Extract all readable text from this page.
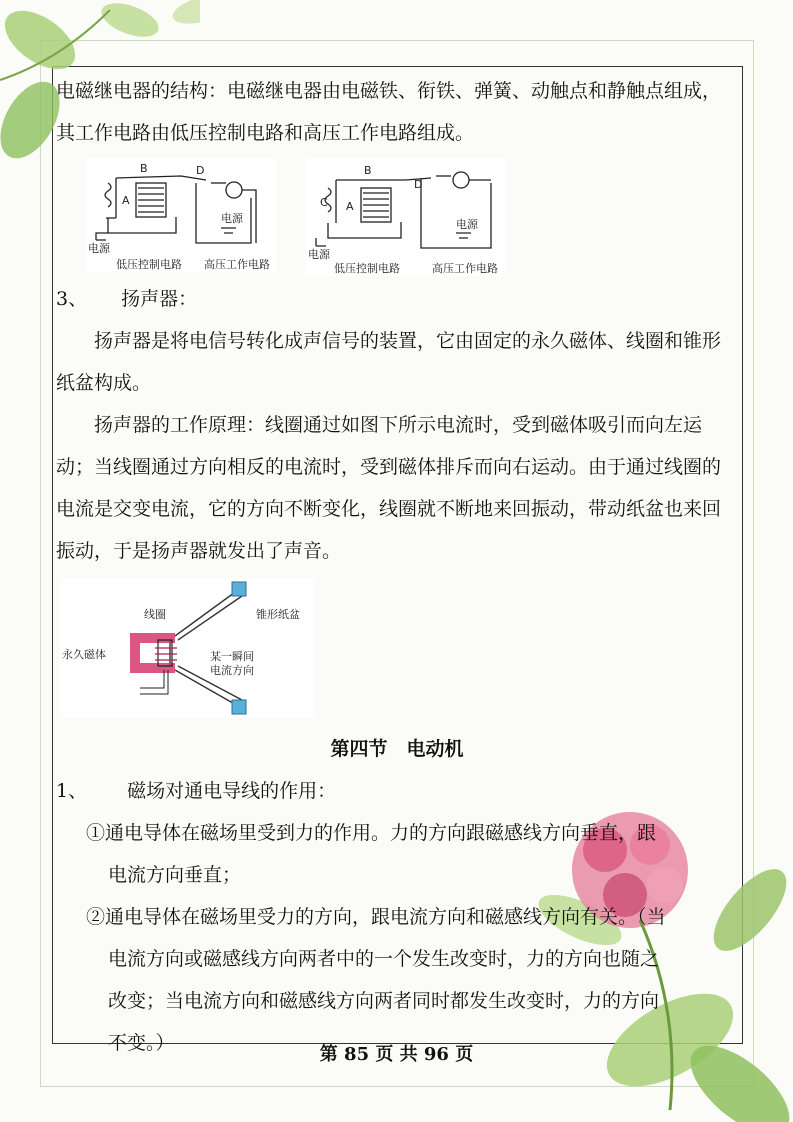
电磁继电器的结构：电磁继电器由电磁铁、衔铁、弹簧、动触点和静触点组成，其工作电路由低压控制电路和高压工作电路组成。

B	D
A
电源
电源
低压控制电路 高压工作电路
B
D
A
C
电源
电源
低压控制电路	高压工作电路
3、 扬声器：

扬声器是将电信号转化成声信号的装置，它由固定的永久磁体、线圈和锥形纸盆构成。

扬声器的工作原理：线圈通过如图下所示电流时，受到磁体吸引而向左运动；当线圈通过方向相反的电流时，受到磁体排斥而向右运动。由于通过线圈的电流是交变电流，它的方向不断变化，线圈就不断地来回振动，带动纸盆也来回振动，于是扬声器就发出了声音。

线圈	锥形纸盆
永久磁体	某一瞬间
电流方向
第四节　电动机
1、 磁场对通电导线的作用：
①通电导体在磁场里受到力的作用。力的方向跟磁感线方向垂直，跟
电流方向垂直；
②通电导体在磁场里受力的方向，跟电流方向和磁感线方向有关。（当
电流方向或磁感线方向两者中的一个发生改变时，力的方向也随之
改变；当电流方向和磁感线方向两者同时都发生改变时，力的方向
不变。）
第 85 页 共 96 页
